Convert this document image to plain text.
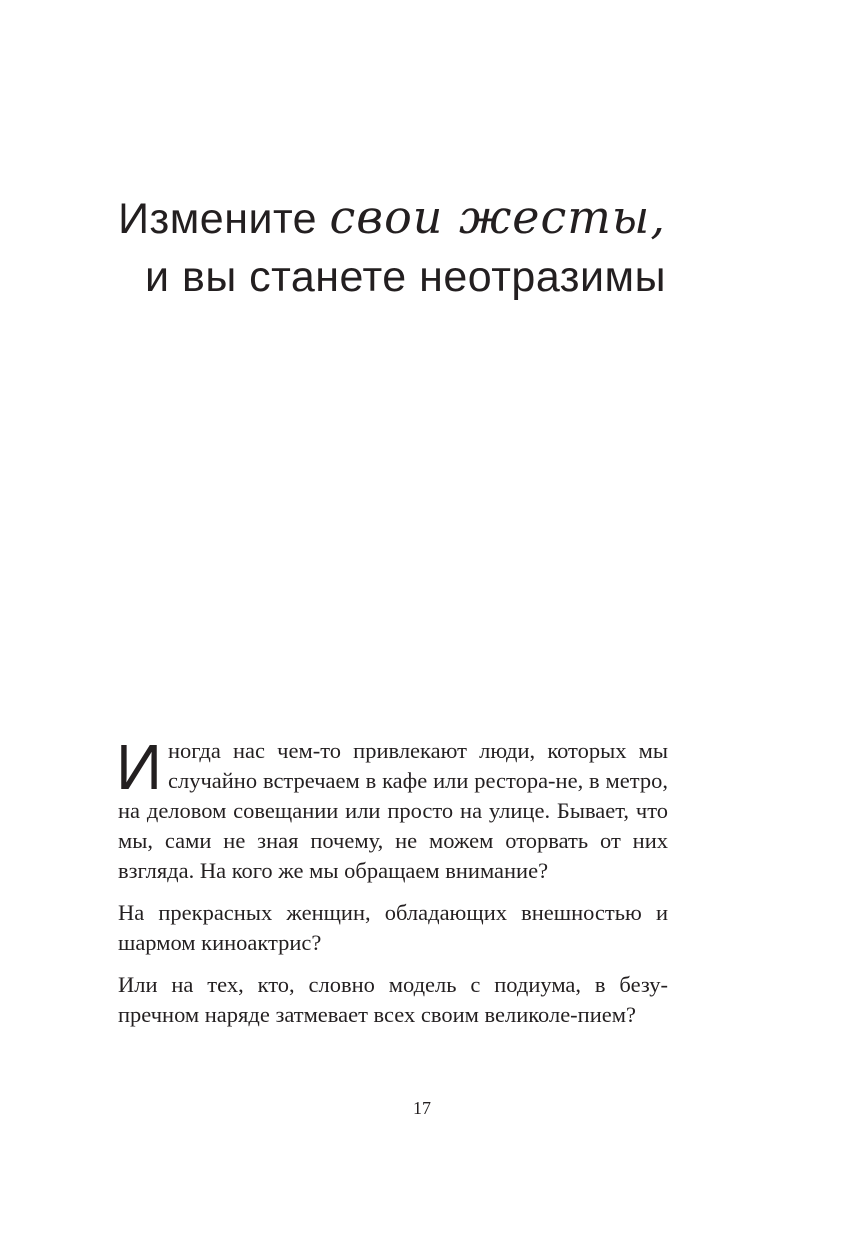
Измените свои жесты,
и вы станете неотразимы

Иногда нас чем-то привлекают люди, которых мы случайно встречаем в кафе или рестора-не, в метро, на деловом совещании или просто на улице. Бывает, что мы, сами не зная почему, не можем оторвать от них взгляда. На кого же мы обращаем внимание?

На прекрасных женщин, обладающих внешностью и шармом киноактрис?

Или на тех, кто, словно модель с подиума, в безу-пречном наряде затмевает всех своим великоле-пием?

17
